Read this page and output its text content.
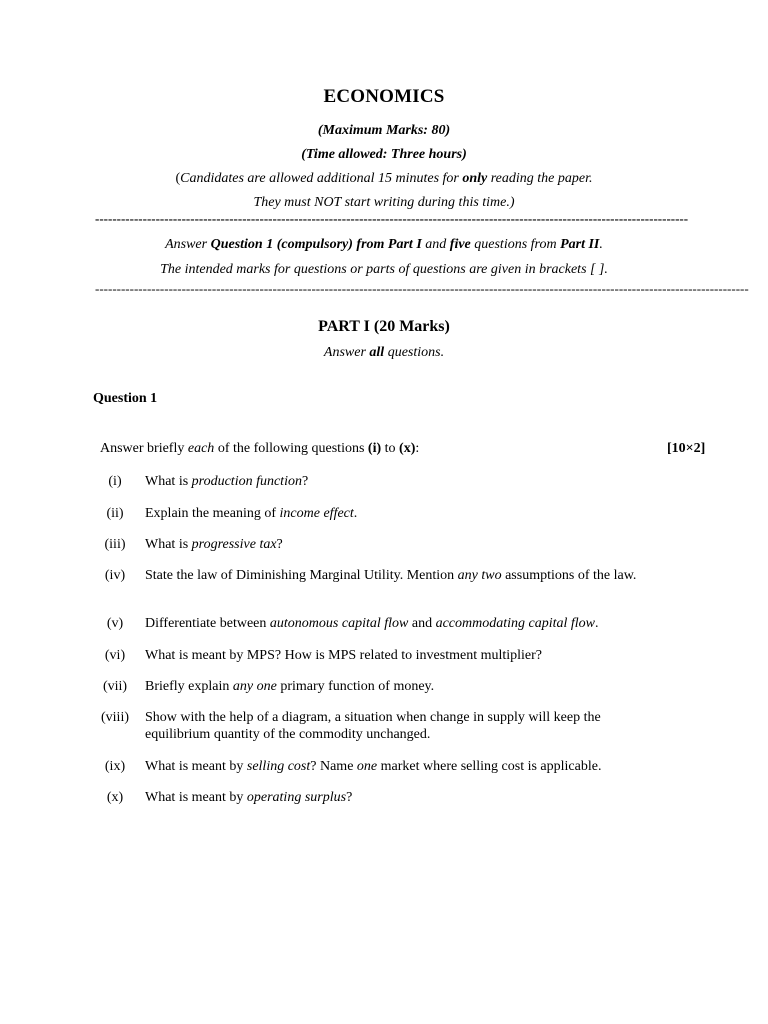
ECONOMICS
(Maximum Marks: 80)
(Time allowed: Three hours)
(Candidates are allowed additional 15 minutes for only reading the paper.
They must NOT start writing during this time.)
-----------------------------------------------------------------------------------------------------------------------------------------
Answer Question 1 (compulsory) from Part I and five questions from Part II.
The intended marks for questions or parts of questions are given in brackets [ ].
-------------------------------------------------------------------------------------------------------------------------------------------------------
PART I (20 Marks)
Answer all questions.
Question 1
Answer briefly each of the following questions (i) to (x):	[10×2]
(i)	What is production function?
(ii)	Explain the meaning of income effect.
(iii)	What is progressive tax?
(iv)	State the law of Diminishing Marginal Utility. Mention any two assumptions of the law.
(v)	Differentiate between autonomous capital flow and accommodating capital flow.
(vi)	What is meant by MPS? How is MPS related to investment multiplier?
(vii)	Briefly explain any one primary function of money.
(viii)	Show with the help of a diagram, a situation when change in supply will keep the equilibrium quantity of the commodity unchanged.
(ix)	What is meant by selling cost? Name one market where selling cost is applicable.
(x)	What is meant by operating surplus?
